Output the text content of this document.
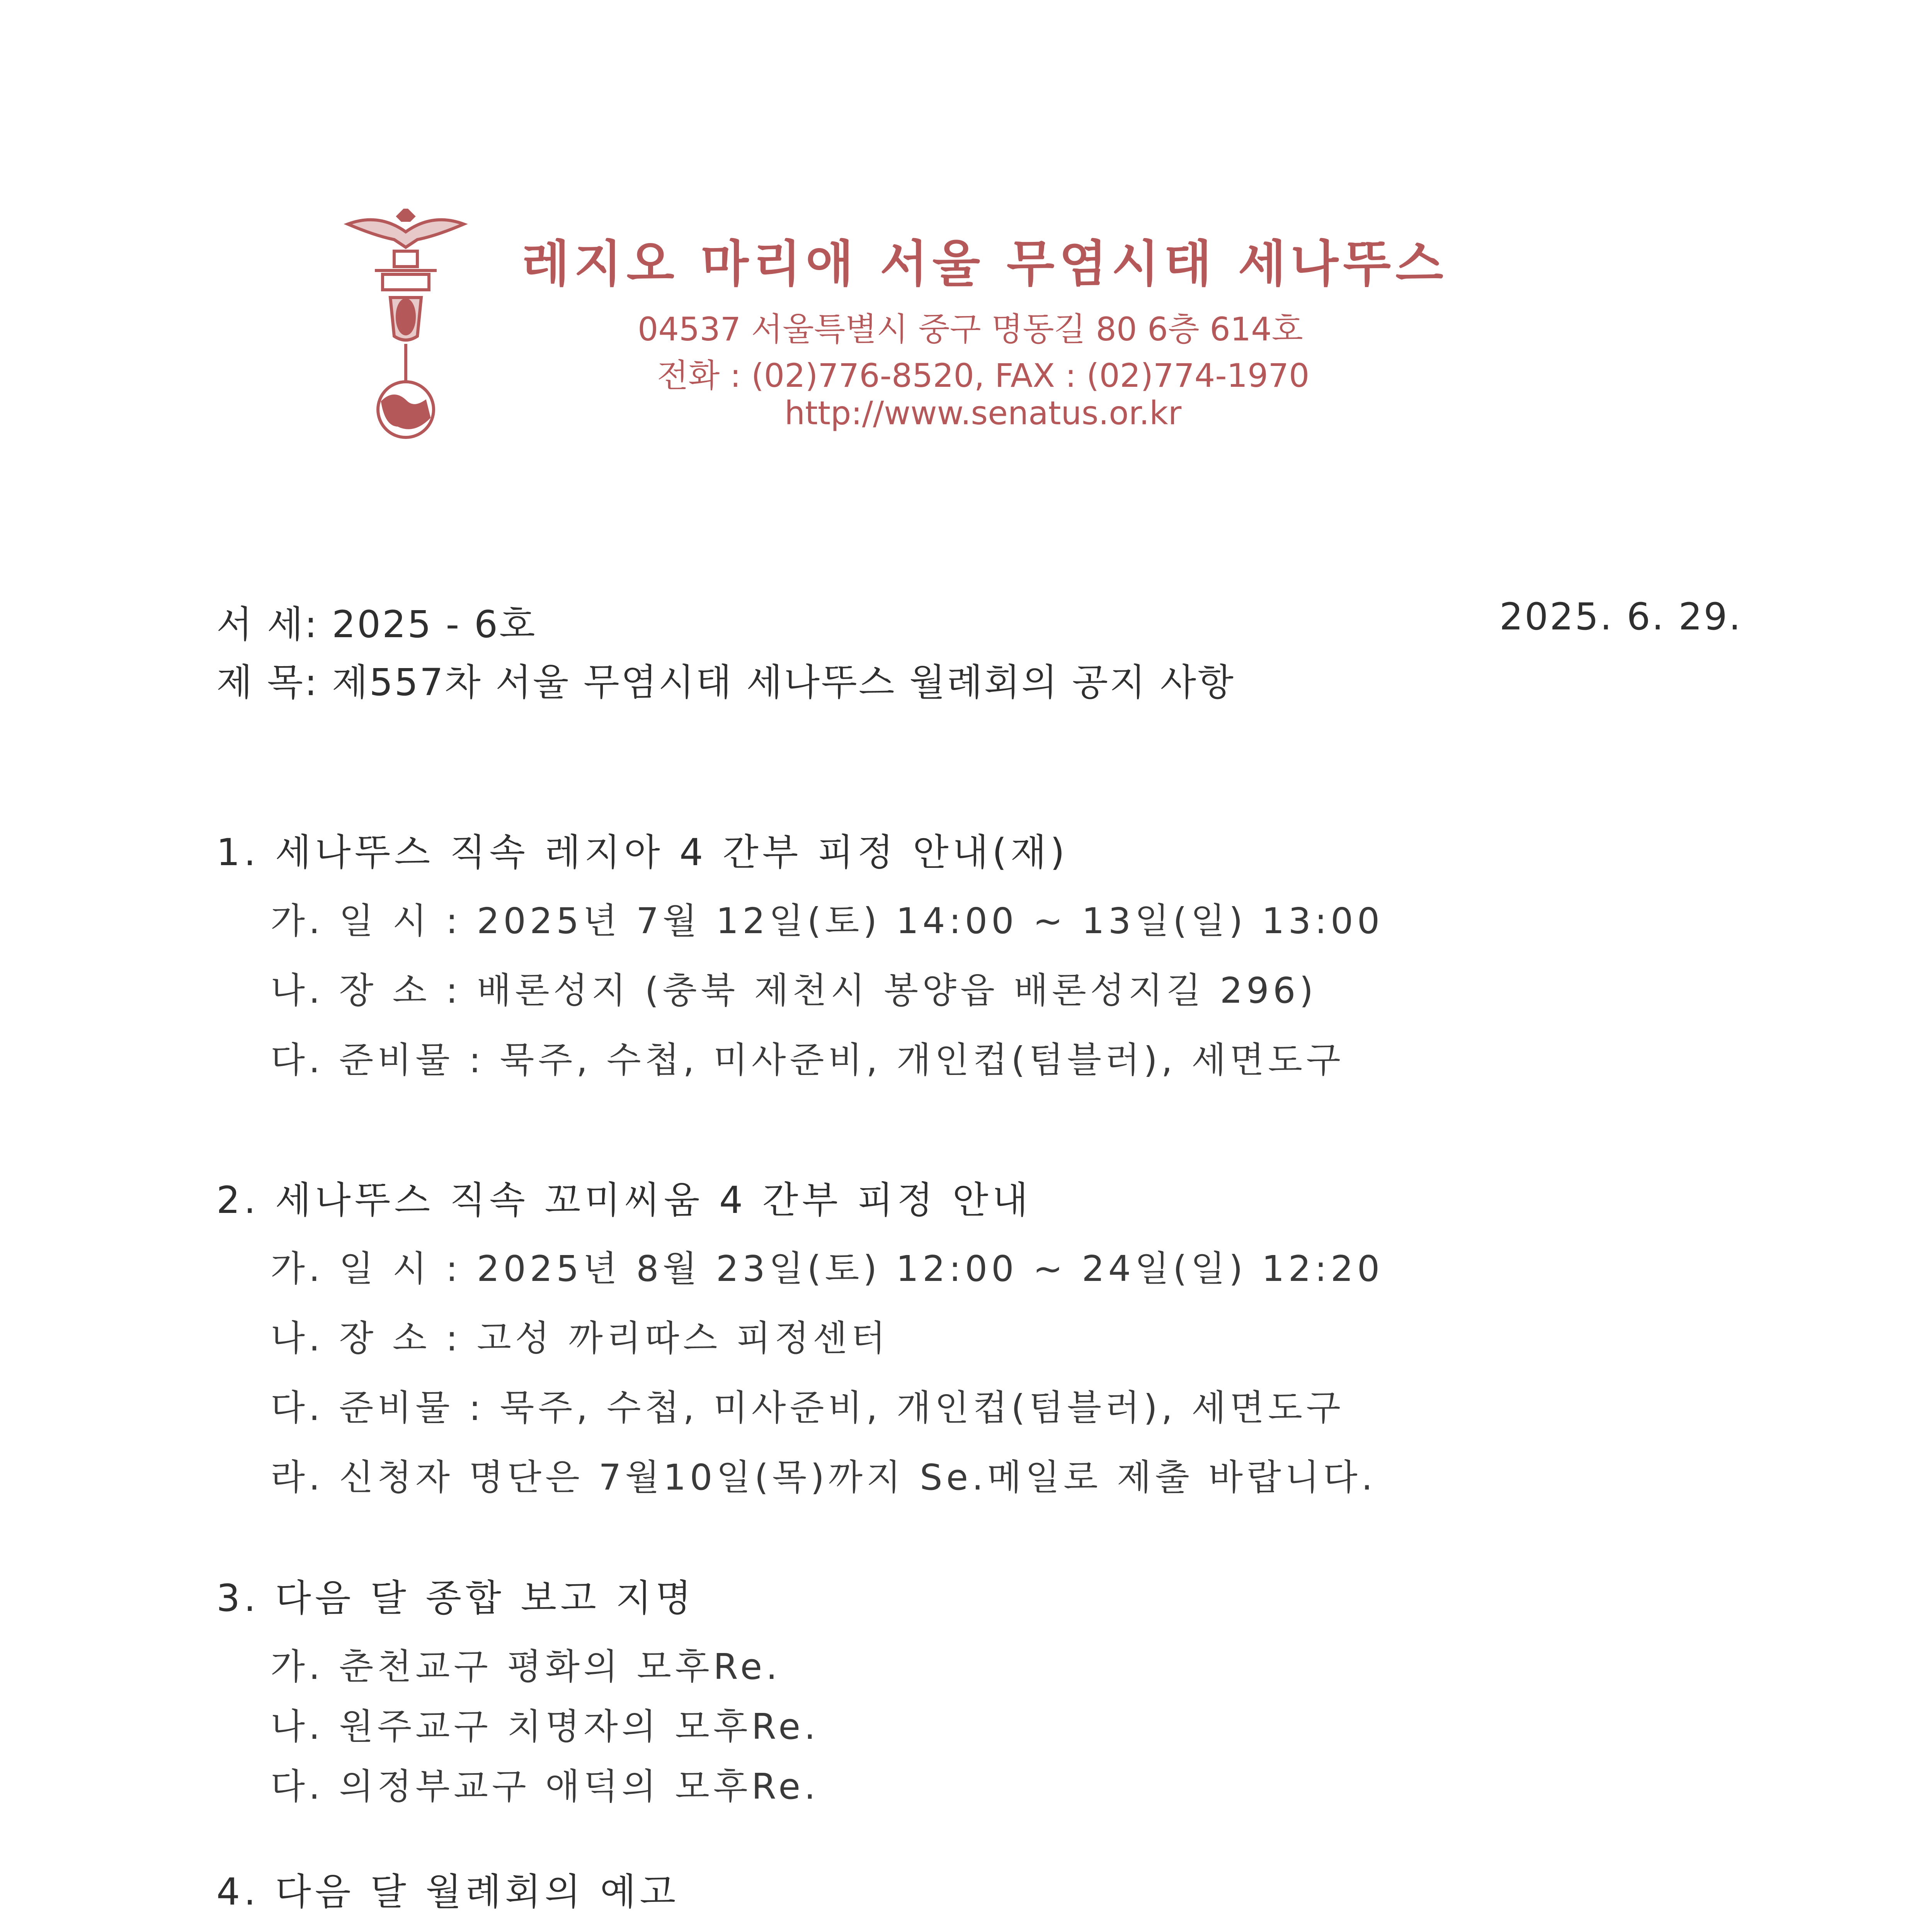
레지오 마리애 서울 무염시태 세나뚜스
04537 서울특별시 중구 명동길 80 6층 614호
전화 : (02)776-8520, FAX : (02)774-1970
http://www.senatus.or.kr
서 세: 2025 - 6호	2025. 6. 29.
제 목: 제557차 서울 무염시태 세나뚜스 월례회의 공지 사항
1. 세나뚜스 직속 레지아 4 간부 피정 안내(재)
가. 일 시 : 2025년 7월 12일(토) 14:00 ~ 13일(일) 13:00
나. 장 소 : 배론성지 (충북 제천시 봉양읍 배론성지길 296)
다. 준비물 : 묵주, 수첩, 미사준비, 개인컵(텀블러), 세면도구
2. 세나뚜스 직속 꼬미씨움 4 간부 피정 안내
가. 일 시 : 2025년 8월 23일(토) 12:00 ~ 24일(일) 12:20
나. 장 소 : 고성 까리따스 피정센터
다. 준비물 : 묵주, 수첩, 미사준비, 개인컵(텀블러), 세면도구
라. 신청자 명단은 7월10일(목)까지 Se.메일로 제출 바랍니다.
3. 다음 달 종합 보고 지명
가. 춘천교구 평화의 모후Re.
나. 원주교구 치명자의 모후Re.
다. 의정부교구 애덕의 모후Re.
4. 다음 달 월례회의 예고
